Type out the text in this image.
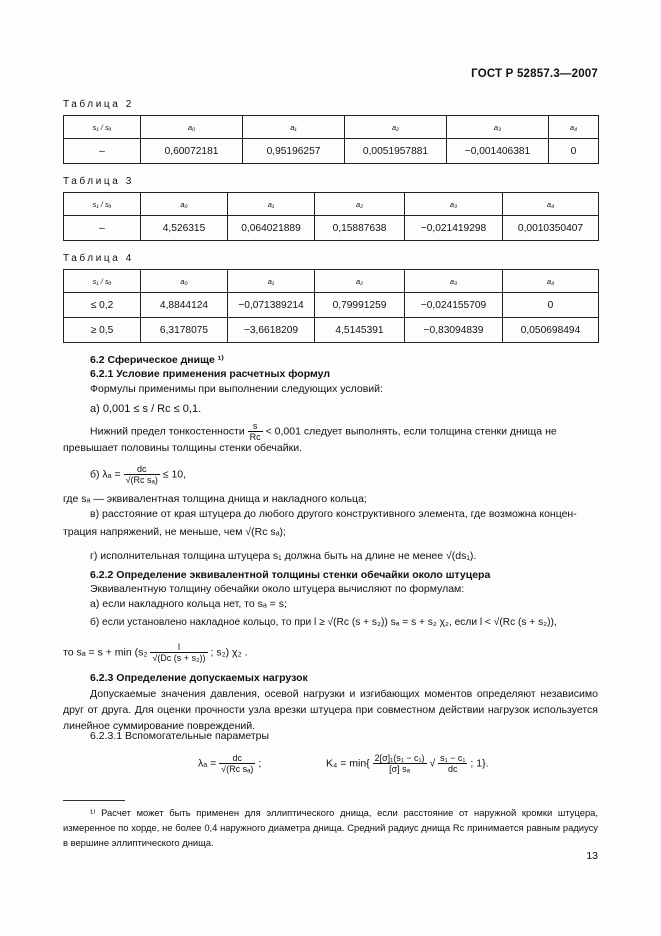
ГОСТ Р 52857.3—2007
Таблица 2
s₁ / sₐ	a₀	a₁	a₂	a₃	a₄
–	0,60072181	0,95196257	0,0051957881	−0,001406381	0
Таблица 3
s₁ / sₐ	a₀	a₁	a₂	a₃	a₄
–	4,526315	0,064021889	0,15887638	−0,021419298	0,0010350407
Таблица 4
s₁ / sₐ	a₀	a₁	a₂	a₃	a₄
≤ 0,2	4,8844124	−0,071389214	0,79991259	−0,024155709	0
≥ 0,5	6,3178075	−3,6618209	4,5145391	−0,83094839	0,050698494
6.2 Сферическое днище ¹⁾
6.2.1 Условие применения расчетных формул
Формулы применимы при выполнении следующих условий:
а) 0,001 ≤ s / Rс ≤ 0,1.
Нижний предел тонкостенности $\frac{s}{Rс} < 0,001$ следует выполнять, если толщина стенки днища не
превышает половины толщины стенки обечайки.
б) $\lambda_a = \frac{dс}{\text{√(Rс sₐ)}} \le 10$,
где sₐ — эквивалентная толщина днища и накладного кольца;
в) расстояние от края штуцера до любого другого конструктивного элемента, где возможна концен-
трация напряжений, не меньше, чем √(Rс sₐ);
г) исполнительная толщина штуцера s₁ должна быть на длине не менее √(ds₁).
6.2.2 Определение эквивалентной толщины стенки обечайки около штуцера
Эквивалентную толщину обечайки около штуцера вычисляют по формулам:
а) если накладного кольца нет, то sₐ = s;
б) если установлено накладное кольцо, то при l ≥ √(Rс (s + s₂)) sₐ = s + s₂ χ₂, если l < √(Rс (s + s₂)),
то $s_a = s + \min (s_2 \frac{l}{\text{√(Dс (s + s₂))}}$ ; s₂) χ₂ .
6.2.3 Определение допускаемых нагрузок
Допускаемые значения давления, осевой нагрузки и изгибающих моментов определяют независимо друг от друга. Для оценки прочности узла врезки штуцера при совместном действии нагрузок используется линейное суммирование повреждений.
6.2.3.1 Вспомогательные параметры
$\lambda_a = \frac{dс}{\text{√(Rс sₐ)}}$ ;	$K_4 = \min\{ \frac{\text{2[σ]₁(s₁ − c₁)}}{\text{[σ] sₐ}}$ √ $\frac{\text{s₁ − c₁}}{dс}$ ; 1}.
¹⁾ Расчет может быть применен для эллиптического днища, если расстояние от наружной кромки штуцера, измеренное по хорде, не более 0,4 наружного диаметра днища. Средний радиус днища Rс принимается равным радиусу в вершине эллиптического днища.
13
